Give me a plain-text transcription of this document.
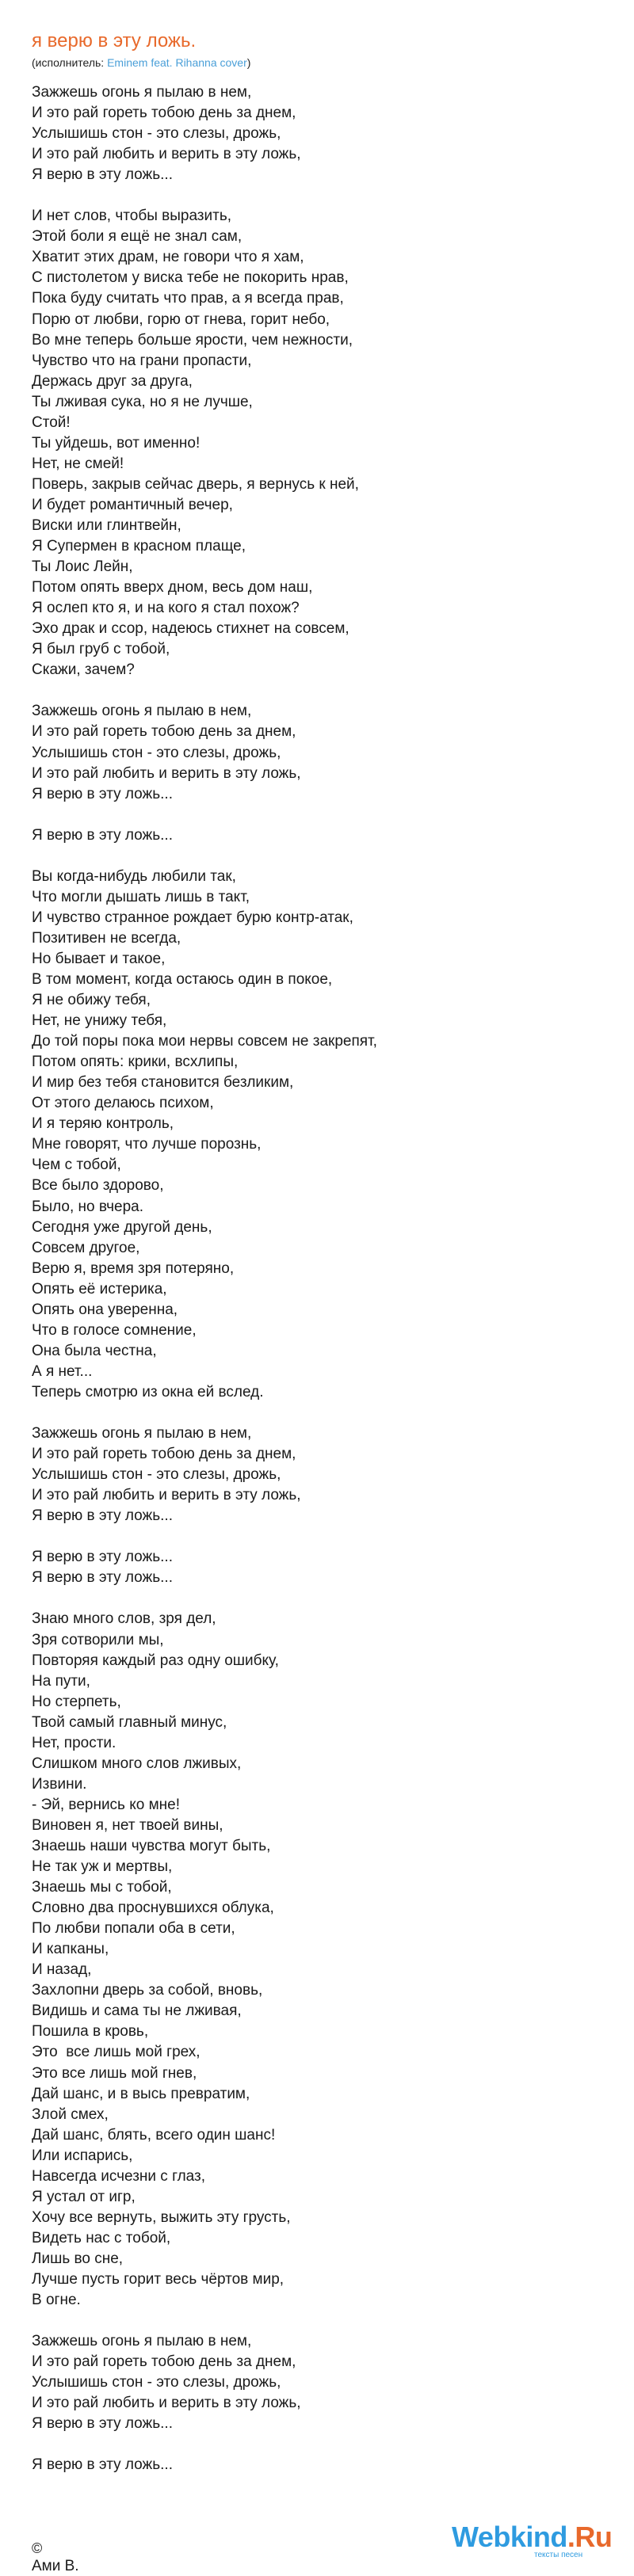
я верю в эту ложь.
(исполнитель: Eminem feat. Rihanna cover)
Зажжешь огонь я пылаю в нем,
И это рай гореть тобою день за днем,
Услышишь стон - это слезы, дрожь,
И это рай любить и верить в эту ложь,
Я верю в эту ложь...

И нет слов, чтобы выразить,
Этой боли я ещё не знал сам,
Хватит этих драм, не говори что я хам,
С пистолетом у виска тебе не покорить нрав,
Пока буду считать что прав, а я всегда прав,
Порю от любви, горю от гнева, горит небо,
Во мне теперь больше ярости, чем нежности,
Чувство что на грани пропасти,
Держась друг за друга,
Ты лживая сука, но я не лучше,
Стой!
Ты уйдешь, вот именно!
Нет, не смей!
Поверь, закрыв сейчас дверь, я вернусь к ней,
И будет романтичный вечер,
Виски или глинтвейн,
Я Супермен в красном плаще,
Ты Лоис Лейн,
Потом опять вверх дном, весь дом наш,
Я ослеп кто я, и на кого я стал похож?
Эхо драк и ссор, надеюсь стихнет на совсем,
Я был груб с тобой,
Скажи, зачем?

Зажжешь огонь я пылаю в нем,
И это рай гореть тобою день за днем,
Услышишь стон - это слезы, дрожь,
И это рай любить и верить в эту ложь,
Я верю в эту ложь...

Я верю в эту ложь...

Вы когда-нибудь любили так,
Что могли дышать лишь в такт,
И чувство странное рождает бурю контр-атак,
Позитивен не всегда,
Но бывает и такое,
В том момент, когда остаюсь один в покое,
Я не обижу тебя,
Нет, не унижу тебя,
До той поры пока мои нервы совсем не закрепят,
Потом опять: крики, всхлипы,
И мир без тебя становится безликим,
От этого делаюсь психом,
И я теряю контроль,
Мне говорят, что лучше порознь,
Чем с тобой,
Все было здорово,
Было, но вчера.
Сегодня уже другой день,
Совсем другое,
Верю я, время зря потеряно,
Опять её истерика,
Опять она уверенна,
Что в голосе сомнение,
Она была честна,
А я нет...
Теперь смотрю из окна ей вслед.

Зажжешь огонь я пылаю в нем,
И это рай гореть тобою день за днем,
Услышишь стон - это слезы, дрожь,
И это рай любить и верить в эту ложь,
Я верю в эту ложь...

Я верю в эту ложь...
Я верю в эту ложь...

Знаю много слов, зря дел,
Зря сотворили мы,
Повторяя каждый раз одну ошибку,
На пути,
Но стерпеть,
Твой самый главный минус,
Нет, прости.
Слишком много слов лживых,
Извини.
- Эй, вернись ко мне!
Виновен я, нет твоей вины,
Знаешь наши чувства могут быть,
Не так уж и мертвы,
Знаешь мы с тобой,
Словно два проснувшихся облука,
По любви попали оба в сети,
И капканы,
И назад,
Захлопни дверь за собой, вновь,
Видишь и сама ты не лживая,
Пошила в кровь,
Это  все лишь мой грех,
Это все лишь мой гнев,
Дай шанс, и в высь превратим,
Злой смех,
Дай шанс, блять, всего один шанс!
Или испарись,
Навсегда исчезни с глаз,
Я устал от игр,
Хочу все вернуть, выжить эту грусть,
Видеть нас с тобой,
Лишь во сне,
Лучше пусть горит весь чёртов мир,
В огне.

Зажжешь огонь я пылаю в нем,
И это рай гореть тобою день за днем,
Услышишь стон - это слезы, дрожь,
И это рай любить и верить в эту ложь,
Я верю в эту ложь...

Я верю в эту ложь...
©
Ами В.
Webkind.Ru
тексты песен
